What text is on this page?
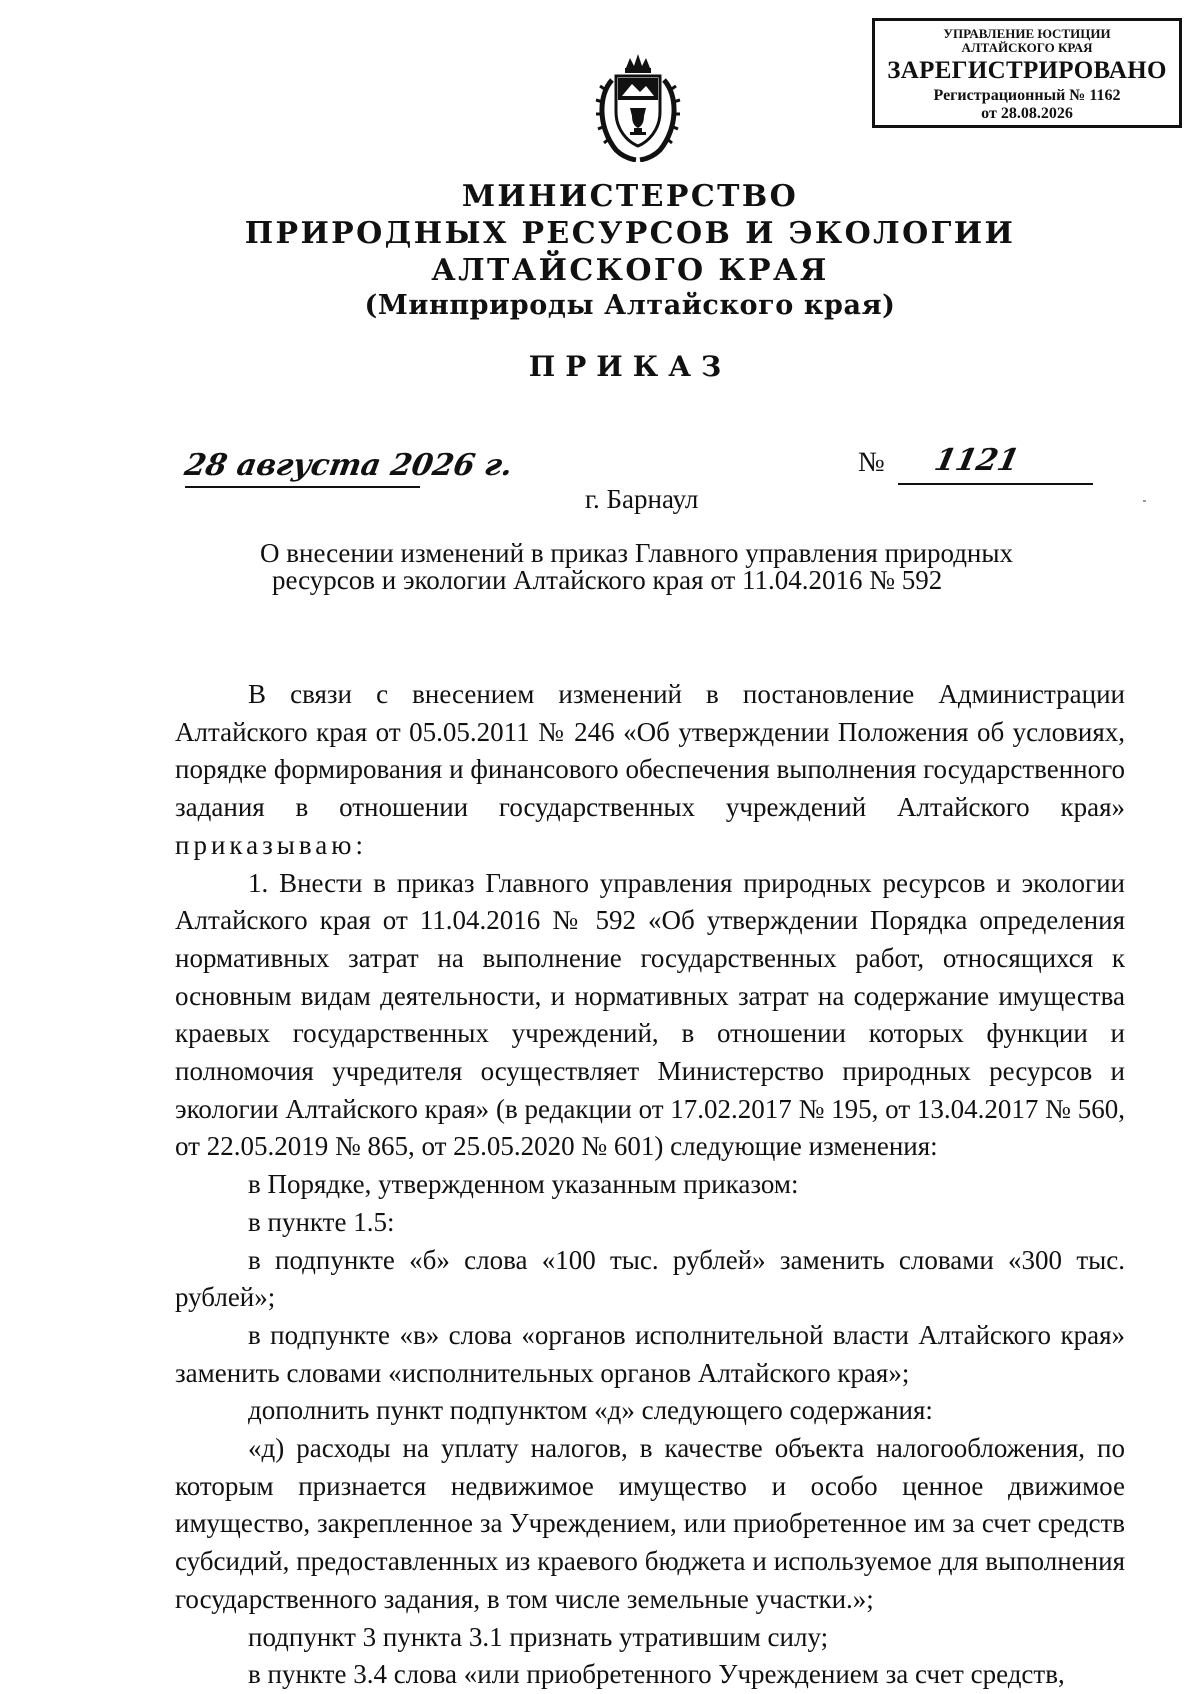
УПРАВЛЕНИЕ ЮСТИЦИИ
АЛТАЙСКОГО КРАЯ
ЗАРЕГИСТРИРОВАНО
Регистрационный № 1162
от 28.08.2026
МИНИСТЕРСТВО
ПРИРОДНЫХ РЕСУРСОВ И ЭКОЛОГИИ
АЛТАЙСКОГО КРАЯ
(Минприроды Алтайского края)
ПРИКАЗ
28 августа 2026 г.	№ 1121
г. Барнаул
О внесении изменений в приказ Главного управления природных
ресурсов и экологии Алтайского края от 11.04.2016 № 592

В связи с внесением изменений в постановление Администрации Алтайского края от 05.05.2011 № 246 «Об утверждении Положения об условиях, порядке формирования и финансового обеспечения выполнения государственного задания в отношении государственных учреждений Алтайского края» приказываю:

1. Внести в приказ Главного управления природных ресурсов и экологии Алтайского края от 11.04.2016 № 592 «Об утверждении Порядка определения нормативных затрат на выполнение государственных работ, относящихся к основным видам деятельности, и нормативных затрат на содержание имущества краевых государственных учреждений, в отношении которых функции и полномочия учредителя осуществляет Министерство природных ресурсов и экологии Алтайского края» (в редакции от 17.02.2017 № 195, от 13.04.2017 № 560, от 22.05.2019 № 865, от 25.05.2020 № 601) следующие изменения:

в Порядке, утвержденном указанным приказом:

в пункте 1.5:

в подпункте «б» слова «100 тыс. рублей» заменить словами «300 тыс. рублей»;

в подпункте «в» слова «органов исполнительной власти Алтайского края» заменить словами «исполнительных органов Алтайского края»;

дополнить пункт подпунктом «д» следующего содержания:

«д) расходы на уплату налогов, в качестве объекта налогообложения, по которым признается недвижимое имущество и особо ценное движимое имущество, закрепленное за Учреждением, или приобретенное им за счет средств субсидий, предоставленных из краевого бюджета и используемое для выполнения государственного задания, в том числе земельные участки.»;

подпункт 3 пункта 3.1 признать утратившим силу;

в пункте 3.4 слова «или приобретенного Учреждением за счет средств,
